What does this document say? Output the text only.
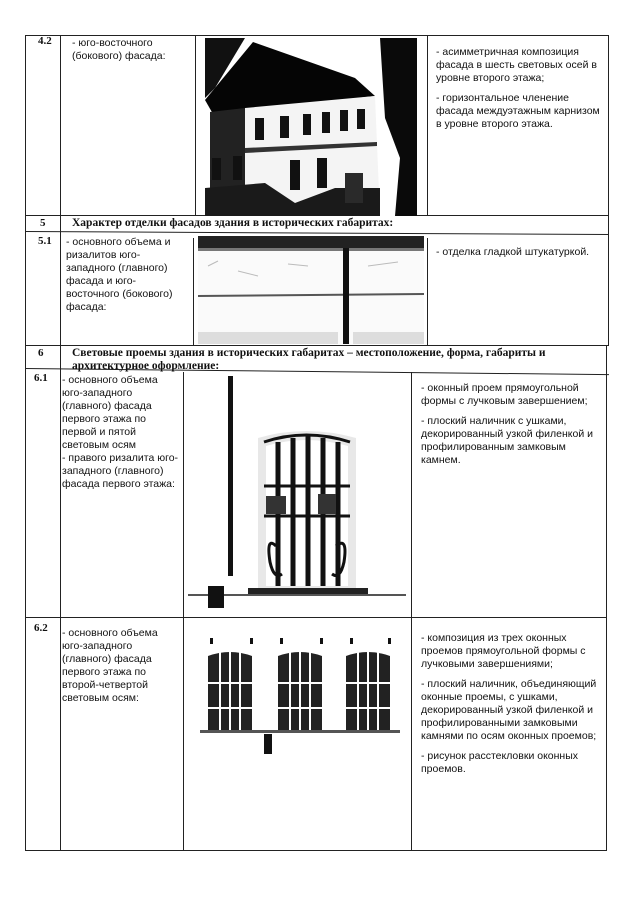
4.2 - юго-восточного (бокового) фасада:	- асимметричная композиция фасада в шесть световых осей в уровне второго этажа;

- горизонтальное членение фасада междуэтажным карнизом в уровне второго этажа.

5 Характер отделки фасадов здания в исторических габаритах:
5.1 - основного объема и ризалитов юго-западного (главного) фасада и юго-восточного (бокового) фасада:

- отделка гладкой штукатуркой.

6 Световые проемы здания в исторических габаритах – местоположение, форма, габариты и архитектурное оформление:
6.1 - основного объема юго-западного (главного) фасада первого этажа по первой и пятой световым осям
- правого ризалита юго-западного (главного) фасада первого этажа:

- оконный проем прямоугольной формы с лучковым завершением;

- плоский наличник с ушками, декорированный узкой филенкой и профилированным замковым камнем.

6.2 - основного объема юго-западного (главного) фасада первого этажа по второй-четвертой световым осям:

- композиция из трех оконных проемов прямоугольной формы с лучковыми завершениями;

- плоский наличник, объединяющий оконные проемы, с ушками, декорированный узкой филенкой и профилированными замковыми камнями по осям оконных проемов;

- рисунок расстекловки оконных проемов.
